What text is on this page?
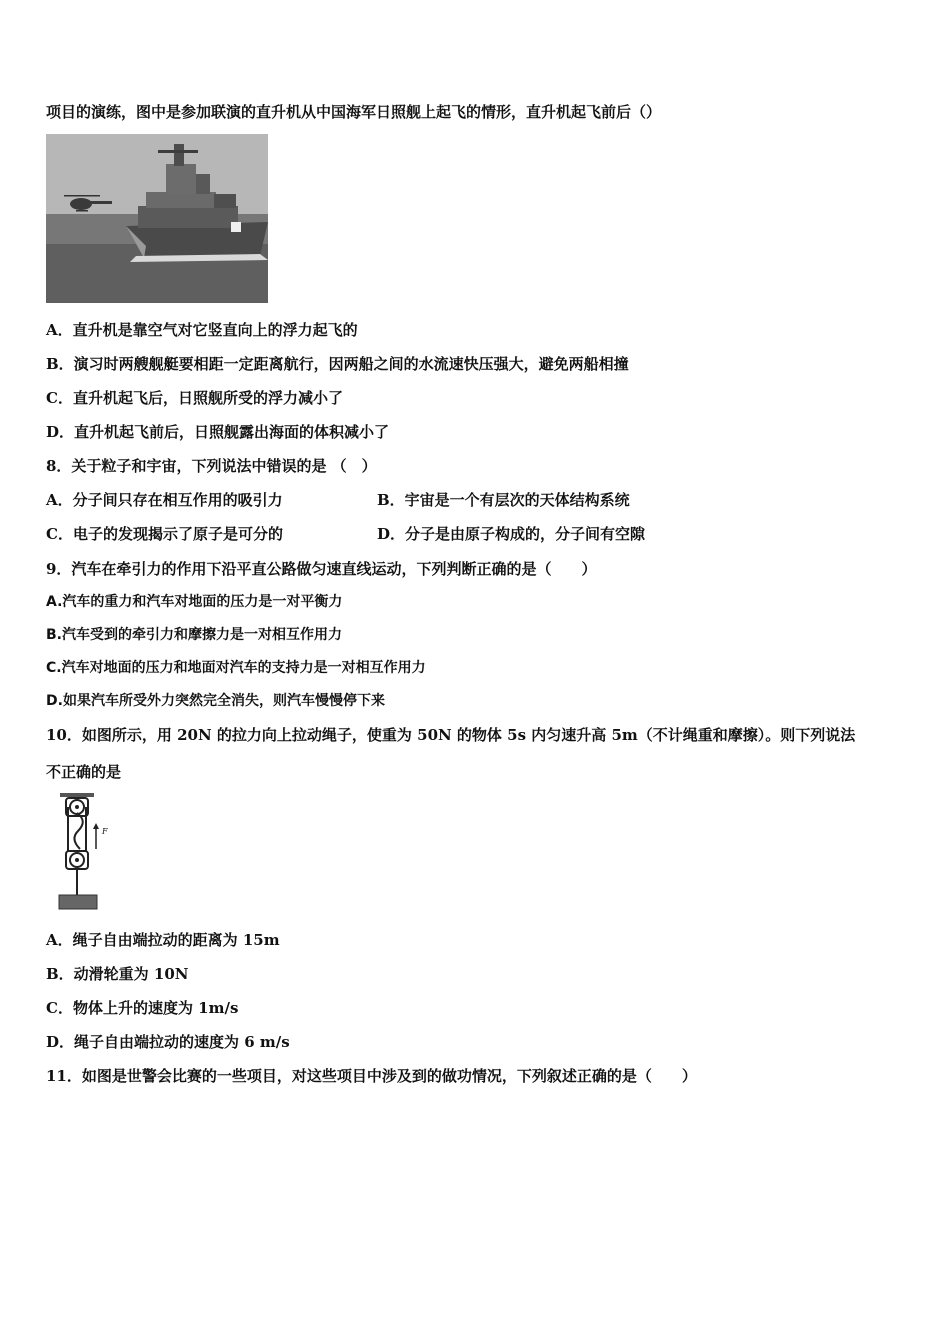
项目的演练，图中是参加联演的直升机从中国海军日照舰上起飞的情形，直升机起飞前后（）
A．直升机是靠空气对它竖直向上的浮力起飞的
B．演习时两艘舰艇要相距一定距离航行，因两船之间的水流速快压强大，避免两船相撞
C．直升机起飞后，日照舰所受的浮力减小了
D．直升机起飞前后，日照舰露出海面的体积减小了
8．关于粒子和宇宙，下列说法中错误的是 （　）
A．分子间只存在相互作用的吸引力	B．宇宙是一个有层次的天体结构系统
C．电子的发现揭示了原子是可分的	D．分子是由原子构成的，分子间有空隙
9．汽车在牵引力的作用下沿平直公路做匀速直线运动，下列判断正确的是（　　）
A.汽车的重力和汽车对地面的压力是一对平衡力
B.汽车受到的牵引力和摩擦力是一对相互作用力
C.汽车对地面的压力和地面对汽车的支持力是一对相互作用力
D.如果汽车所受外力突然完全消失，则汽车慢慢停下来
10．如图所示，用 20N 的拉力向上拉动绳子，使重为 50N 的物体 5s 内匀速升高 5m（不计绳重和摩擦）。则下列说法
不正确的是
F
A．绳子自由端拉动的距离为 15m
B．动滑轮重为 10N
C．物体上升的速度为 1m/s
D．绳子自由端拉动的速度为 6 m/s
11．如图是世警会比赛的一些项目，对这些项目中涉及到的做功情况，下列叙述正确的是（　　）
